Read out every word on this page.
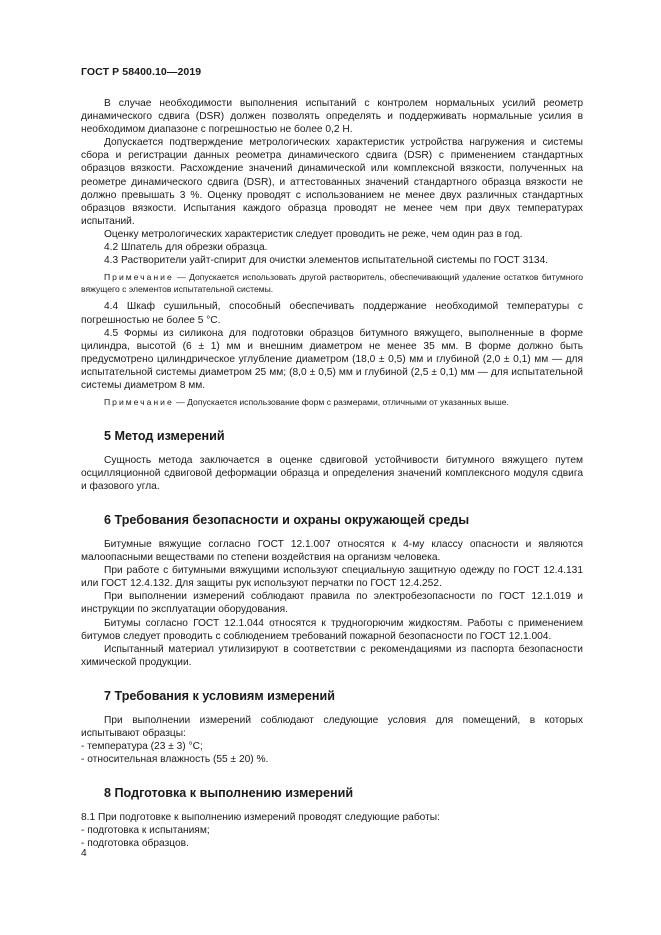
ГОСТ Р 58400.10—2019

В случае необходимости выполнения испытаний с контролем нормальных усилий реометр динамического сдвига (DSR) должен позволять определять и поддерживать нормальные усилия в необходимом диапазоне с погрешностью не более 0,2 Н.

Допускается подтверждение метрологических характеристик устройства нагружения и системы сбора и регистрации данных реометра динамического сдвига (DSR) с применением стандартных образцов вязкости. Расхождение значений динамической или комплексной вязкости, полученных на реометре динамического сдвига (DSR), и аттестованных значений стандартного образца вязкости не должно превышать 3 %. Оценку проводят с использованием не менее двух различных стандартных образцов вязкости. Испытания каждого образца проводят не менее чем при двух температурах испытаний.

Оценку метрологических характеристик следует проводить не реже, чем один раз в год.

4.2 Шпатель для обрезки образца.

4.3 Растворители уайт-спирит для очистки элементов испытательной системы по ГОСТ 3134.

Примечание — Допускается использовать другой растворитель, обеспечивающий удаление остатков битумного вяжущего с элементов испытательной системы.

4.4 Шкаф сушильный, способный обеспечивать поддержание необходимой температуры с погрешностью не более 5 °С.

4.5 Формы из силикона для подготовки образцов битумного вяжущего, выполненные в форме цилиндра, высотой (6 ± 1) мм и внешним диаметром не менее 35 мм. В форме должно быть предусмотрено цилиндрическое углубление диаметром (18,0 ± 0,5) мм и глубиной (2,0 ± 0,1) мм — для испытательной системы диаметром 25 мм; (8,0 ± 0,5) мм и глубиной (2,5 ± 0,1) мм — для испытательной системы диаметром 8 мм.

Примечание — Допускается использование форм с размерами, отличными от указанных выше.

5 Метод измерений

Сущность метода заключается в оценке сдвиговой устойчивости битумного вяжущего путем осцилляционной сдвиговой деформации образца и определения значений комплексного модуля сдвига и фазового угла.

6 Требования безопасности и охраны окружающей среды

Битумные вяжущие согласно ГОСТ 12.1.007 относятся к 4-му классу опасности и являются малоопасными веществами по степени воздействия на организм человека.

При работе с битумными вяжущими используют специальную защитную одежду по ГОСТ 12.4.131 или ГОСТ 12.4.132. Для защиты рук используют перчатки по ГОСТ 12.4.252.

При выполнении измерений соблюдают правила по электробезопасности по ГОСТ 12.1.019 и инструкции по эксплуатации оборудования.

Битумы согласно ГОСТ 12.1.044 относятся к трудногорючим жидкостям. Работы с применением битумов следует проводить с соблюдением требований пожарной безопасности по ГОСТ 12.1.004.

Испытанный материал утилизируют в соответствии с рекомендациями из паспорта безопасности химической продукции.

7 Требования к условиям измерений

При выполнении измерений соблюдают следующие условия для помещений, в которых испытывают образцы:

- температура (23 ± 3) °С;

- относительная влажность (55 ± 20) %.

8 Подготовка к выполнению измерений

8.1 При подготовке к выполнению измерений проводят следующие работы:

- подготовка к испытаниям;

- подготовка образцов.

4
